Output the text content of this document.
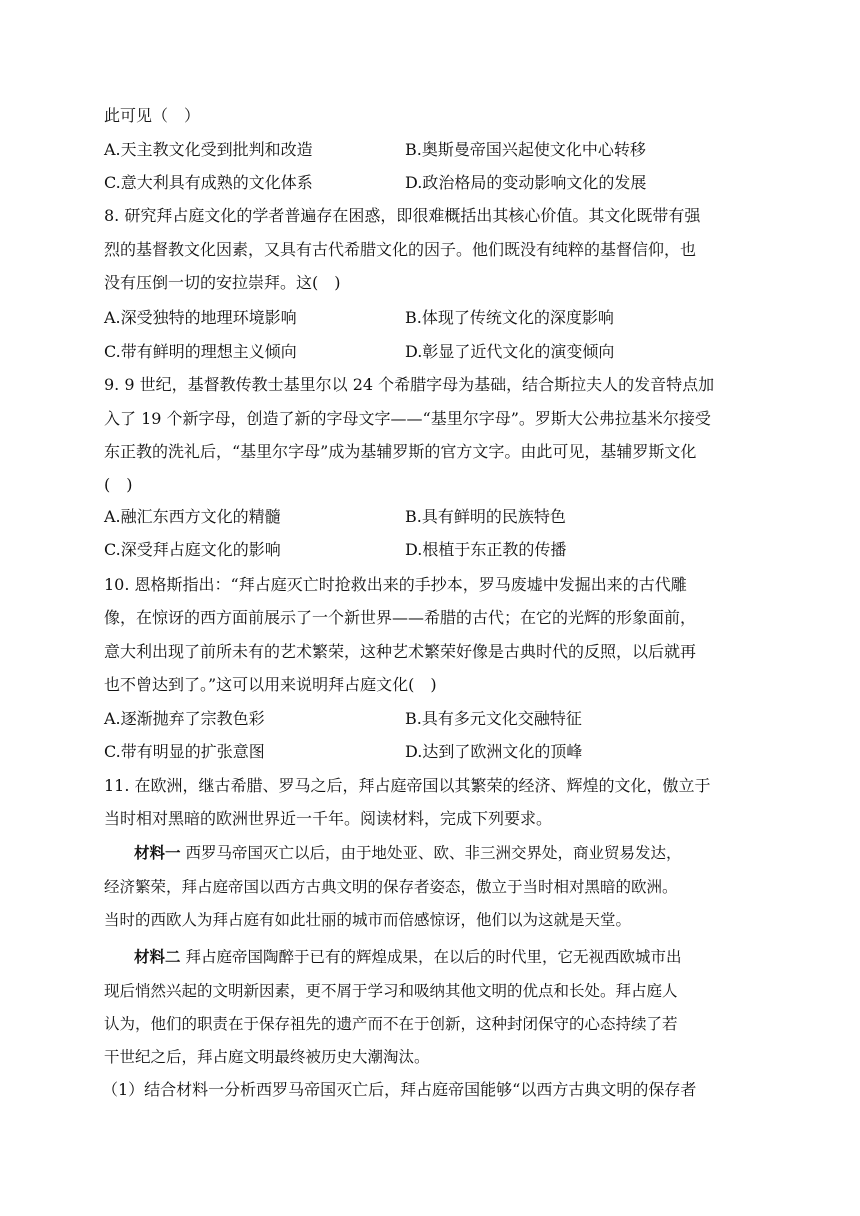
此可见（　）
A.天主教文化受到批判和改造	B.奥斯曼帝国兴起使文化中心转移
C.意大利具有成熟的文化体系	D.政治格局的变动影响文化的发展
8. 研究拜占庭文化的学者普遍存在困惑，即很难概括出其核心价值。其文化既带有强
烈的基督教文化因素，又具有古代希腊文化的因子。他们既没有纯粹的基督信仰，也
没有压倒一切的安拉崇拜。这(　)
A.深受独特的地理环境影响	B.体现了传统文化的深度影响
C.带有鲜明的理想主义倾向	D.彰显了近代文化的演变倾向
9. 9 世纪，基督教传教士基里尔以 24 个希腊字母为基础，结合斯拉夫人的发音特点加
入了 19 个新字母，创造了新的字母文字——“基里尔字母”。罗斯大公弗拉基米尔接受
东正教的洗礼后，“基里尔字母”成为基辅罗斯的官方文字。由此可见，基辅罗斯文化
(　)
A.融汇东西方文化的精髓	B.具有鲜明的民族特色
C.深受拜占庭文化的影响	D.根植于东正教的传播
10. 恩格斯指出：“拜占庭灭亡时抢救出来的手抄本，罗马废墟中发掘出来的古代雕
像，在惊讶的西方面前展示了一个新世界——希腊的古代；在它的光辉的形象面前，
意大利出现了前所未有的艺术繁荣，这种艺术繁荣好像是古典时代的反照，以后就再
也不曾达到了。”这可以用来说明拜占庭文化(　)
A.逐渐抛弃了宗教色彩	B.具有多元文化交融特征
C.带有明显的扩张意图	D.达到了欧洲文化的顶峰
11. 在欧洲，继古希腊、罗马之后，拜占庭帝国以其繁荣的经济、辉煌的文化，傲立于
当时相对黑暗的欧洲世界近一千年。阅读材料，完成下列要求。
材料一 西罗马帝国灭亡以后，由于地处亚、欧、非三洲交界处，商业贸易发达，
经济繁荣，拜占庭帝国以西方古典文明的保存者姿态，傲立于当时相对黑暗的欧洲。
当时的西欧人为拜占庭有如此壮丽的城市而倍感惊讶，他们以为这就是天堂。
材料二 拜占庭帝国陶醉于已有的辉煌成果，在以后的时代里，它无视西欧城市出
现后悄然兴起的文明新因素，更不屑于学习和吸纳其他文明的优点和长处。拜占庭人
认为，他们的职责在于保存祖先的遗产而不在于创新，这种封闭保守的心态持续了若
干世纪之后，拜占庭文明最终被历史大潮淘汰。
（1）结合材料一分析西罗马帝国灭亡后，拜占庭帝国能够“以西方古典文明的保存者
